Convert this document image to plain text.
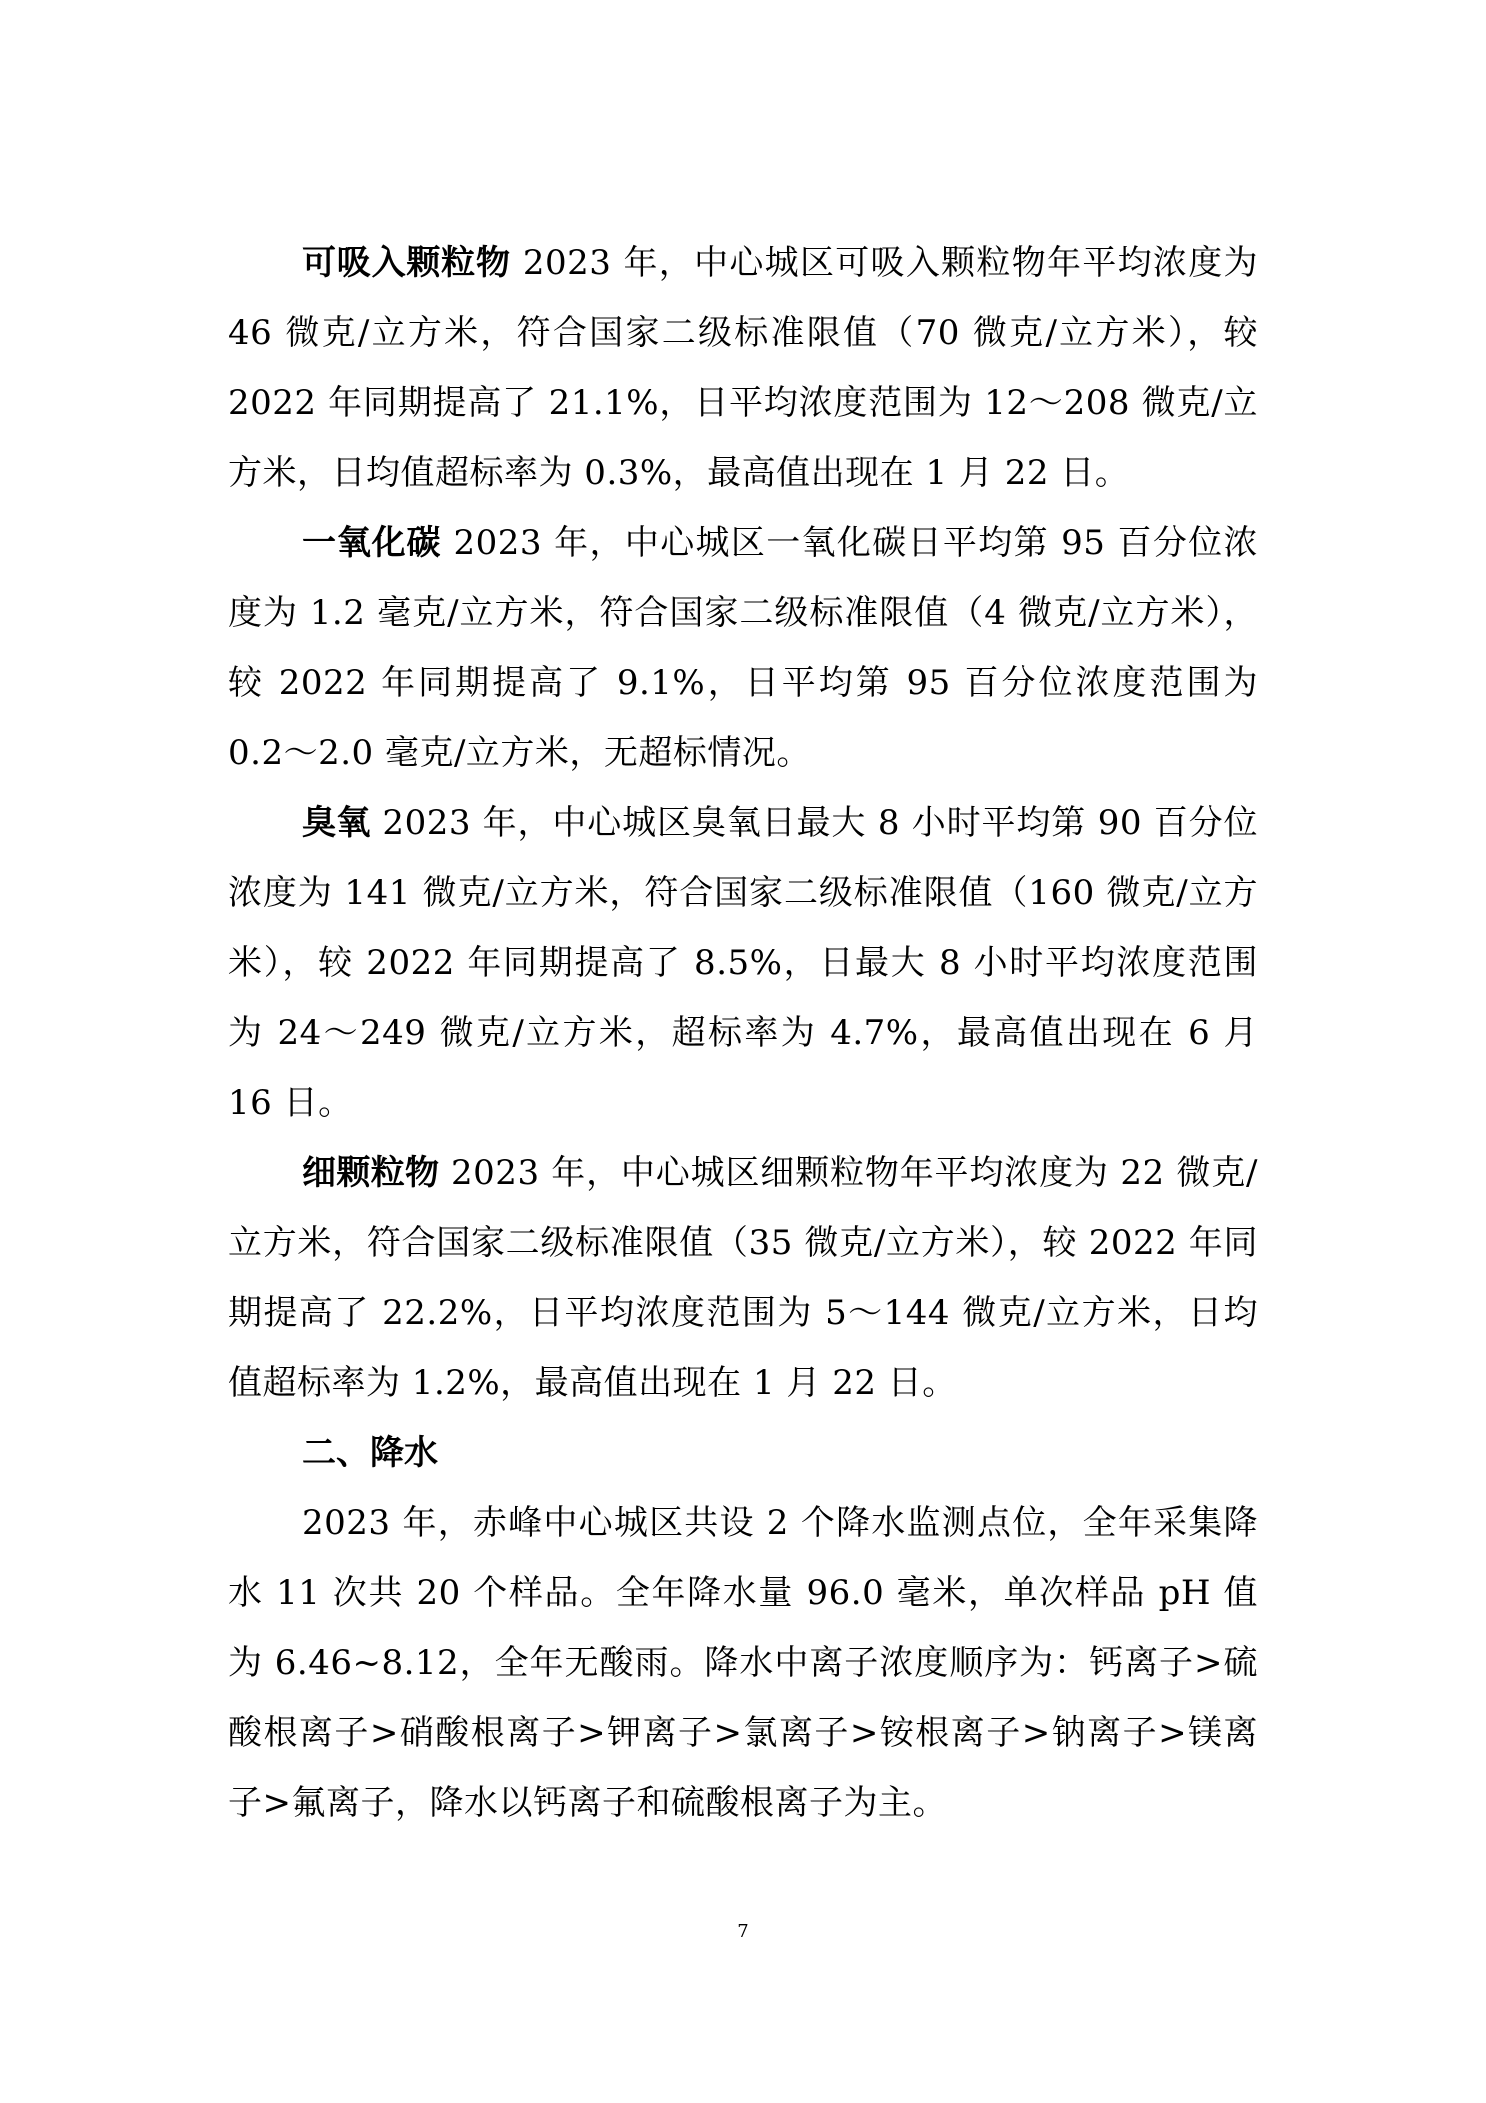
可吸入颗粒物 2023 年，中心城区可吸入颗粒物年平均浓度为 46 微克/立方米，符合国家二级标准限值（70 微克/立方米），较 2022 年同期提高了 21.1%，日平均浓度范围为 12～208 微克/立方米，日均值超标率为 0.3%，最高值出现在 1 月 22 日。

一氧化碳 2023 年，中心城区一氧化碳日平均第 95 百分位浓度为 1.2 毫克/立方米，符合国家二级标准限值（4 微克/立方米），较 2022 年同期提高了 9.1%，日平均第 95 百分位浓度范围为 0.2～2.0 毫克/立方米，无超标情况。

臭氧 2023 年，中心城区臭氧日最大 8 小时平均第 90 百分位浓度为 141 微克/立方米，符合国家二级标准限值（160 微克/立方米），较 2022 年同期提高了 8.5%，日最大 8 小时平均浓度范围为 24～249 微克/立方米，超标率为 4.7%，最高值出现在 6 月 16 日。

细颗粒物 2023 年，中心城区细颗粒物年平均浓度为 22 微克/立方米，符合国家二级标准限值（35 微克/立方米），较 2022 年同期提高了 22.2%，日平均浓度范围为 5～144 微克/立方米，日均值超标率为 1.2%，最高值出现在 1 月 22 日。

二、降水

2023 年，赤峰中心城区共设 2 个降水监测点位，全年采集降水 11 次共 20 个样品。全年降水量 96.0 毫米，单次样品 pH 值为 6.46~8.12，全年无酸雨。降水中离子浓度顺序为：钙离子>硫酸根离子>硝酸根离子>钾离子>氯离子>铵根离子>钠离子>镁离子>氟离子，降水以钙离子和硫酸根离子为主。

7
